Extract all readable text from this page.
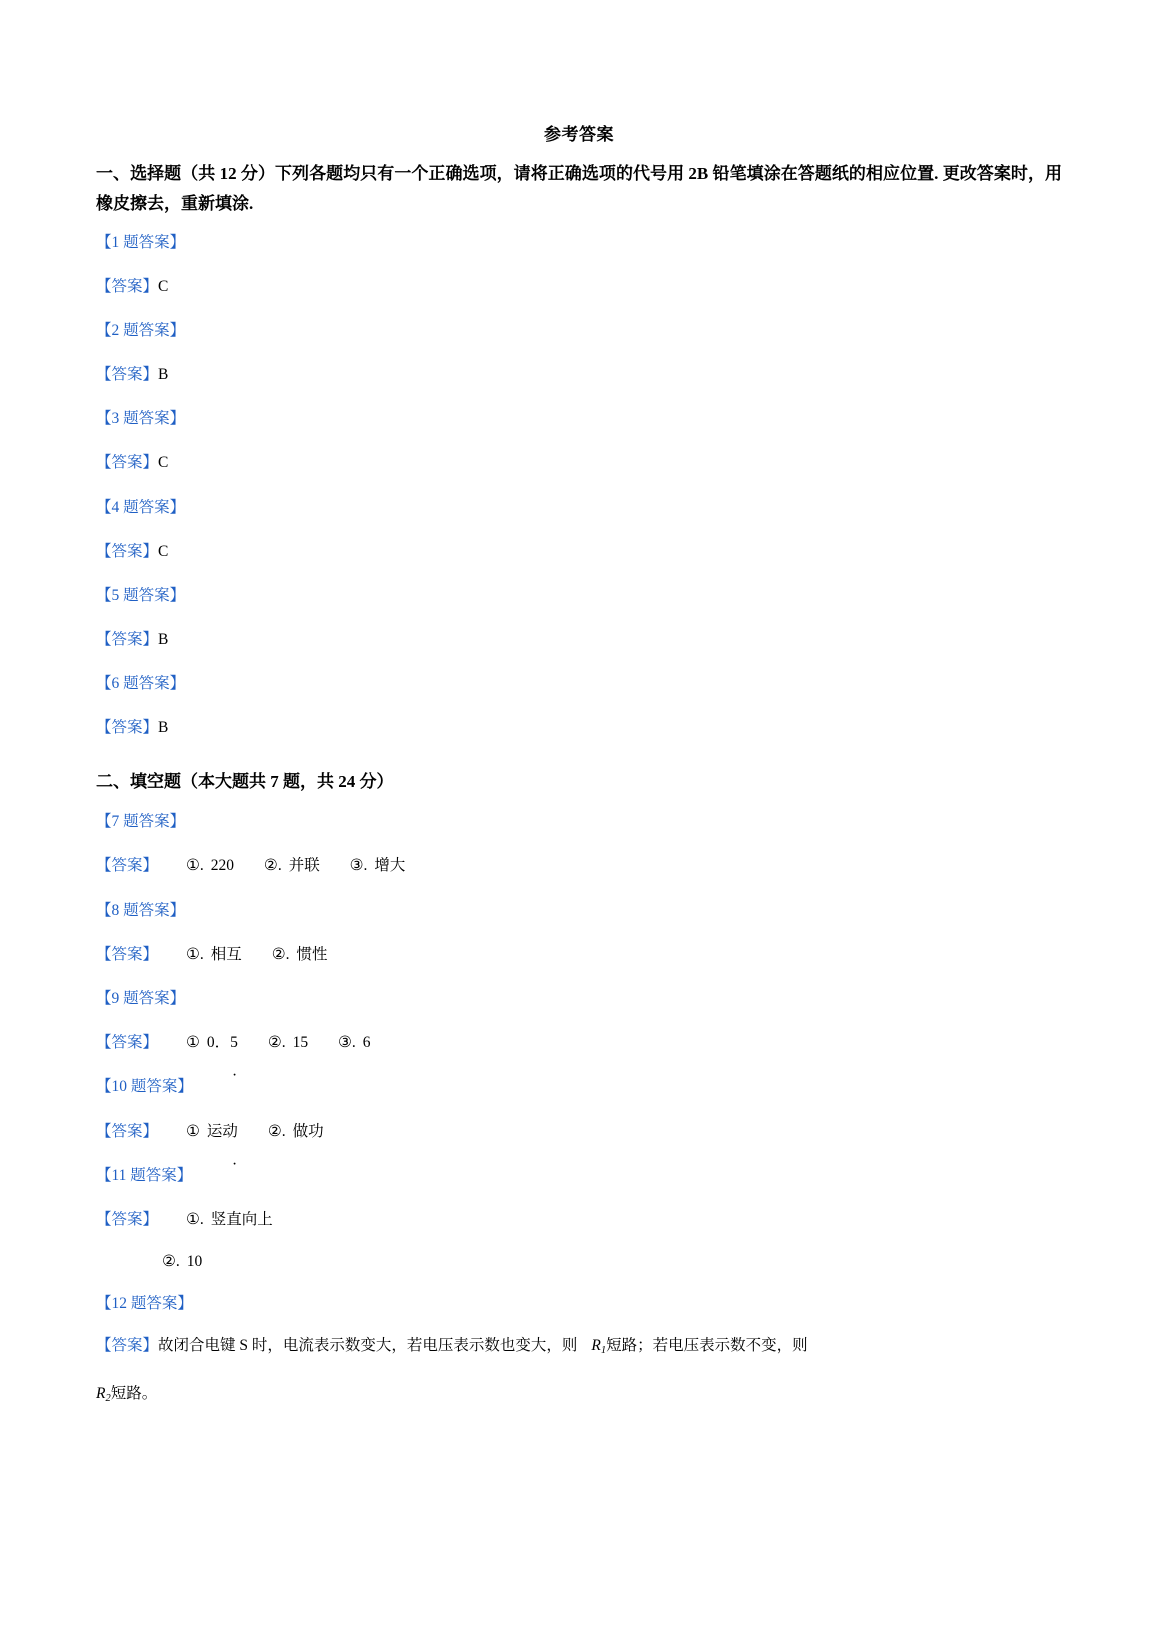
参考答案
一、选择题（共 12 分）下列各题均只有一个正确选项，请将正确选项的代号用 2B 铅笔填涂在答题纸的相应位置. 更改答案时，用橡皮擦去，重新填涂.
【1 题答案】
【答案】C
【2 题答案】
【答案】B
【3 题答案】
【答案】C
【4 题答案】
【答案】C
【5 题答案】
【答案】B
【6 题答案】
【答案】B
二、填空题（本大题共 7 题，共 24 分）
【7 题答案】
【答案】 ①. 220 ②. 并联 ③. 增大
【8 题答案】
【答案】 ①. 相互 ②. 惯性
【9 题答案】
【答案】 ① 0．5 ②. 15 ③. 6
【10 题答案】
【答案】 ① 运动 ②. 做功
【11 题答案】
【答案】 ①. 竖直向上
②. 10
【12 题答案】
【答案】故闭合电键 S 时，电流表示数变大，若电压表示数也变大，则 $R_1$短路；若电压表示数不变，则
$R_2$短路。
